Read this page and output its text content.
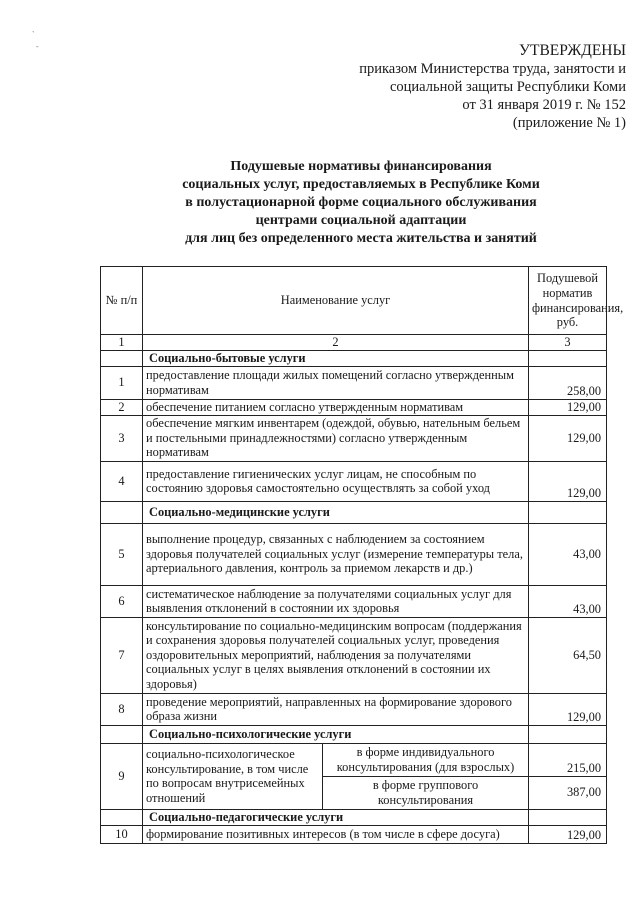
`
-	УТВЕРЖДЕНЫ
приказом Министерства труда, занятости и
социальной защиты Республики Коми
от 31 января 2019 г. № 152
(приложение № 1)
Подушевые нормативы финансирования
социальных услуг, предоставляемых в Республике Коми
в полустационарной форме социального обслуживания
центрами социальной адаптации
для лиц без определенного места жительства и занятий
№ п/п	Наименование услуг		Подушевой норматив финансирования, руб.
1	2		3
	Социально-бытовые услуги		
1	предоставление площади жилых помещений согласно утвержденным нормативам		258,00
2	обеспечение питанием согласно утвержденным нормативам		129,00
3	обеспечение мягким инвентарем (одеждой, обувью, нательным бельем и постельными принадлежностями) согласно утвержденным нормативам		129,00
4	предоставление гигиенических услуг лицам, не способным по состоянию здоровья самостоятельно осуществлять за собой уход		129,00
	Социально-медицинские услуги		
5	выполнение процедур, связанных с наблюдением за состоянием здоровья получателей социальных услуг (измерение температуры тела, артериального давления, контроль за приемом лекарств и др.)		43,00
6	систематическое наблюдение за получателями социальных услуг для выявления отклонений в состоянии их здоровья		43,00
7	консультирование по социально-медицинским вопросам (поддержания и сохранения здоровья получателей социальных услуг, проведения оздоровительных мероприятий, наблюдения за получателями социальных услуг в целях выявления отклонений в состоянии их здоровья)		64,50
8	проведение мероприятий, направленных на формирование здорового образа жизни		129,00
	Социально-психологические услуги		
9	социально-психологическое консультирование, в том числе по вопросам внутрисемейных отношений	в форме индивидуального консультирования (для взрослых)	215,00
		в форме группового консультирования	387,00
	Социально-педагогические услуги		
10	формирование позитивных интересов (в том числе в сфере досуга)		129,00
